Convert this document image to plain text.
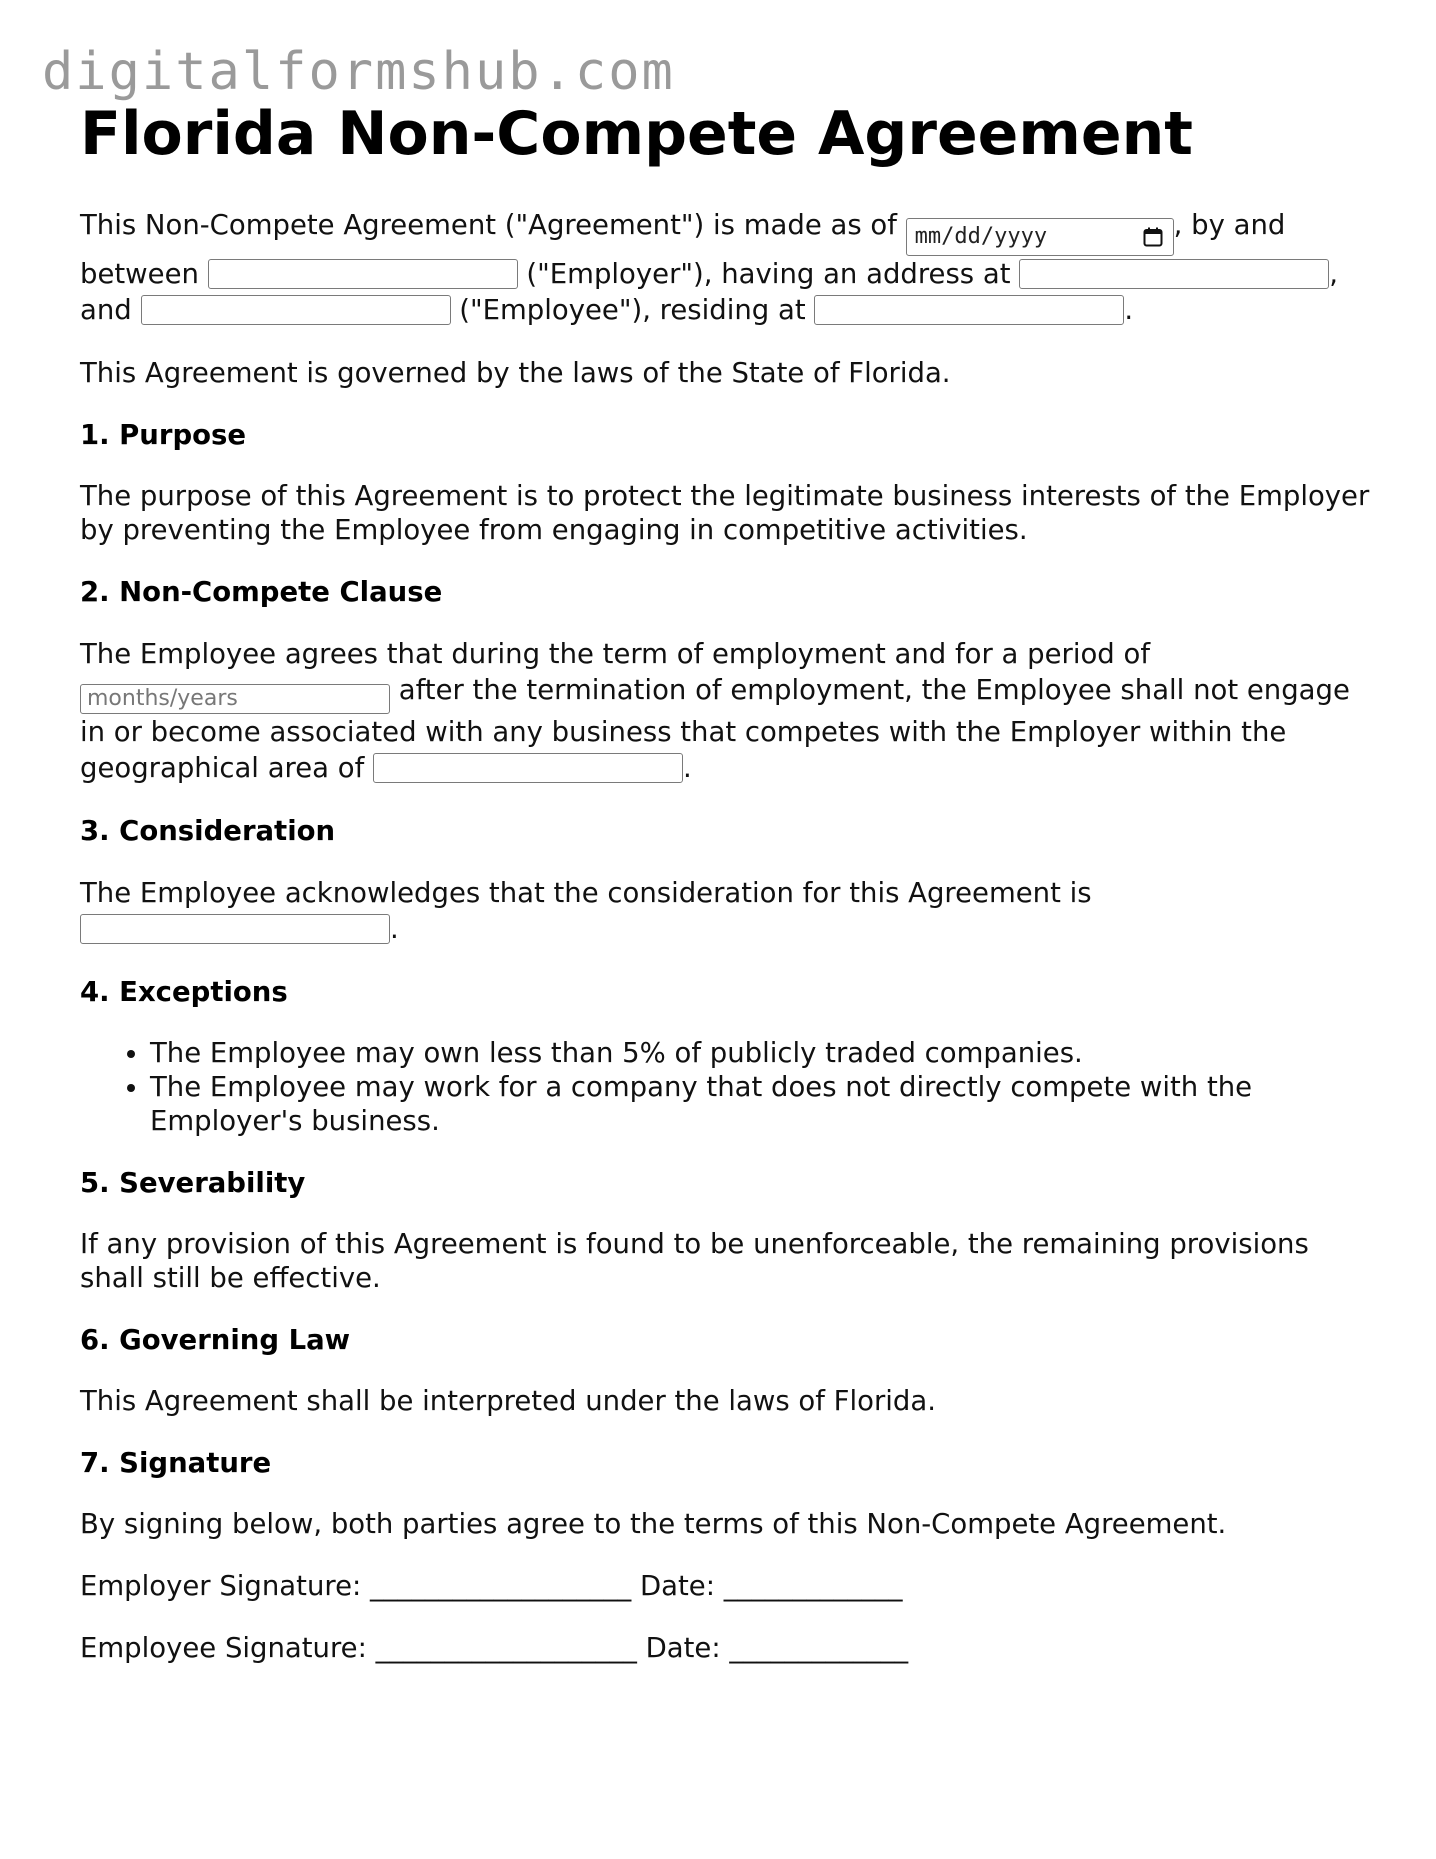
digitalformshub.com
Florida Non-Compete Agreement

This Non-Compete Agreement ("Agreement") is made as of mm/dd/yyyy	, by and between	("Employer"), having an address at	, and	("Employee"), residing at	.

This Agreement is governed by the laws of the State of Florida.

1. Purpose

The purpose of this Agreement is to protect the legitimate business interests of the Employer by preventing the Employee from engaging in competitive activities.

2. Non-Compete Clause

The Employee agrees that during the term of employment and for a period of months/years	after the termination of employment, the Employee shall not engage in or become associated with any business that competes with the Employer within the geographical area of	.

3. Consideration

The Employee acknowledges that the consideration for this Agreement is .

4. Exceptions
• The Employee may own less than 5% of publicly traded companies.
• The Employee may work for a company that does not directly compete with the Employer's business.
5. Severability

If any provision of this Agreement is found to be unenforceable, the remaining provisions shall still be effective.

6. Governing Law

This Agreement shall be interpreted under the laws of Florida.

7. Signature

By signing below, both parties agree to the terms of this Non-Compete Agreement.

Employer Signature: ___________________ Date: _____________

Employee Signature: ___________________ Date: _____________
